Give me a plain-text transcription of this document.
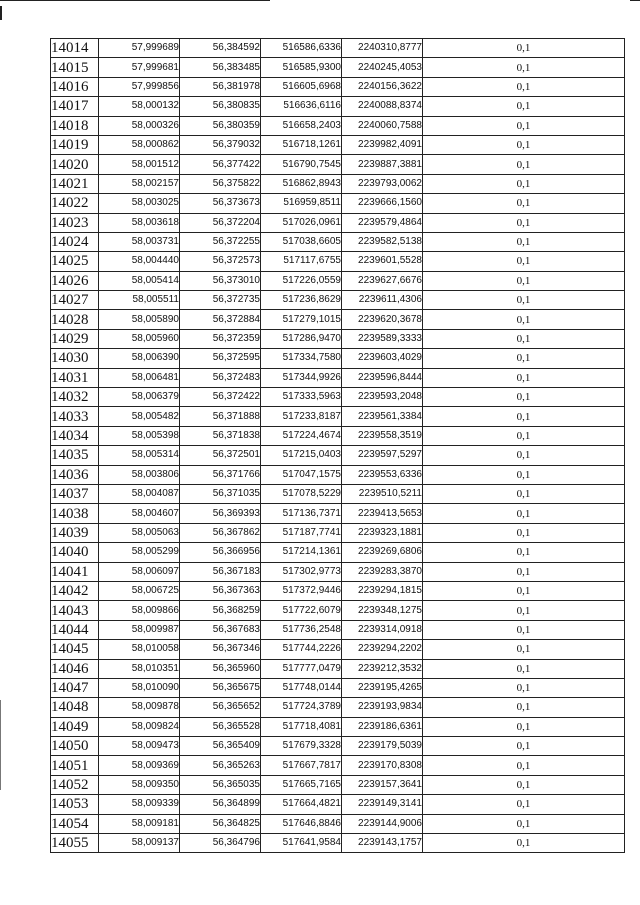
14014	57,999689	56,384592	516586,6336	2240310,8777	0,1
14015	57,999681	56,383485	516585,9300	2240245,4053	0,1
14016	57,999856	56,381978	516605,6968	2240156,3622	0,1
14017	58,000132	56,380835	516636,6116	2240088,8374	0,1
14018	58,000326	56,380359	516658,2403	2240060,7588	0,1
14019	58,000862	56,379032	516718,1261	2239982,4091	0,1
14020	58,001512	56,377422	516790,7545	2239887,3881	0,1
14021	58,002157	56,375822	516862,8943	2239793,0062	0,1
14022	58,003025	56,373673	516959,8511	2239666,1560	0,1
14023	58,003618	56,372204	517026,0961	2239579,4864	0,1
14024	58,003731	56,372255	517038,6605	2239582,5138	0,1
14025	58,004440	56,372573	517117,6755	2239601,5528	0,1
14026	58,005414	56,373010	517226,0559	2239627,6676	0,1
14027	58,005511	56,372735	517236,8629	2239611,4306	0,1
14028	58,005890	56,372884	517279,1015	2239620,3678	0,1
14029	58,005960	56,372359	517286,9470	2239589,3333	0,1
14030	58,006390	56,372595	517334,7580	2239603,4029	0,1
14031	58,006481	56,372483	517344,9926	2239596,8444	0,1
14032	58,006379	56,372422	517333,5963	2239593,2048	0,1
14033	58,005482	56,371888	517233,8187	2239561,3384	0,1
14034	58,005398	56,371838	517224,4674	2239558,3519	0,1
14035	58,005314	56,372501	517215,0403	2239597,5297	0,1
14036	58,003806	56,371766	517047,1575	2239553,6336	0,1
14037	58,004087	56,371035	517078,5229	2239510,5211	0,1
14038	58,004607	56,369393	517136,7371	2239413,5653	0,1
14039	58,005063	56,367862	517187,7741	2239323,1881	0,1
14040	58,005299	56,366956	517214,1361	2239269,6806	0,1
14041	58,006097	56,367183	517302,9773	2239283,3870	0,1
14042	58,006725	56,367363	517372,9446	2239294,1815	0,1
14043	58,009866	56,368259	517722,6079	2239348,1275	0,1
14044	58,009987	56,367683	517736,2548	2239314,0918	0,1
14045	58,010058	56,367346	517744,2226	2239294,2202	0,1
14046	58,010351	56,365960	517777,0479	2239212,3532	0,1
14047	58,010090	56,365675	517748,0144	2239195,4265	0,1
14048	58,009878	56,365652	517724,3789	2239193,9834	0,1
14049	58,009824	56,365528	517718,4081	2239186,6361	0,1
14050	58,009473	56,365409	517679,3328	2239179,5039	0,1
14051	58,009369	56,365263	517667,7817	2239170,8308	0,1
14052	58,009350	56,365035	517665,7165	2239157,3641	0,1
14053	58,009339	56,364899	517664,4821	2239149,3141	0,1
14054	58,009181	56,364825	517646,8846	2239144,9006	0,1
14055	58,009137	56,364796	517641,9584	2239143,1757	0,1
